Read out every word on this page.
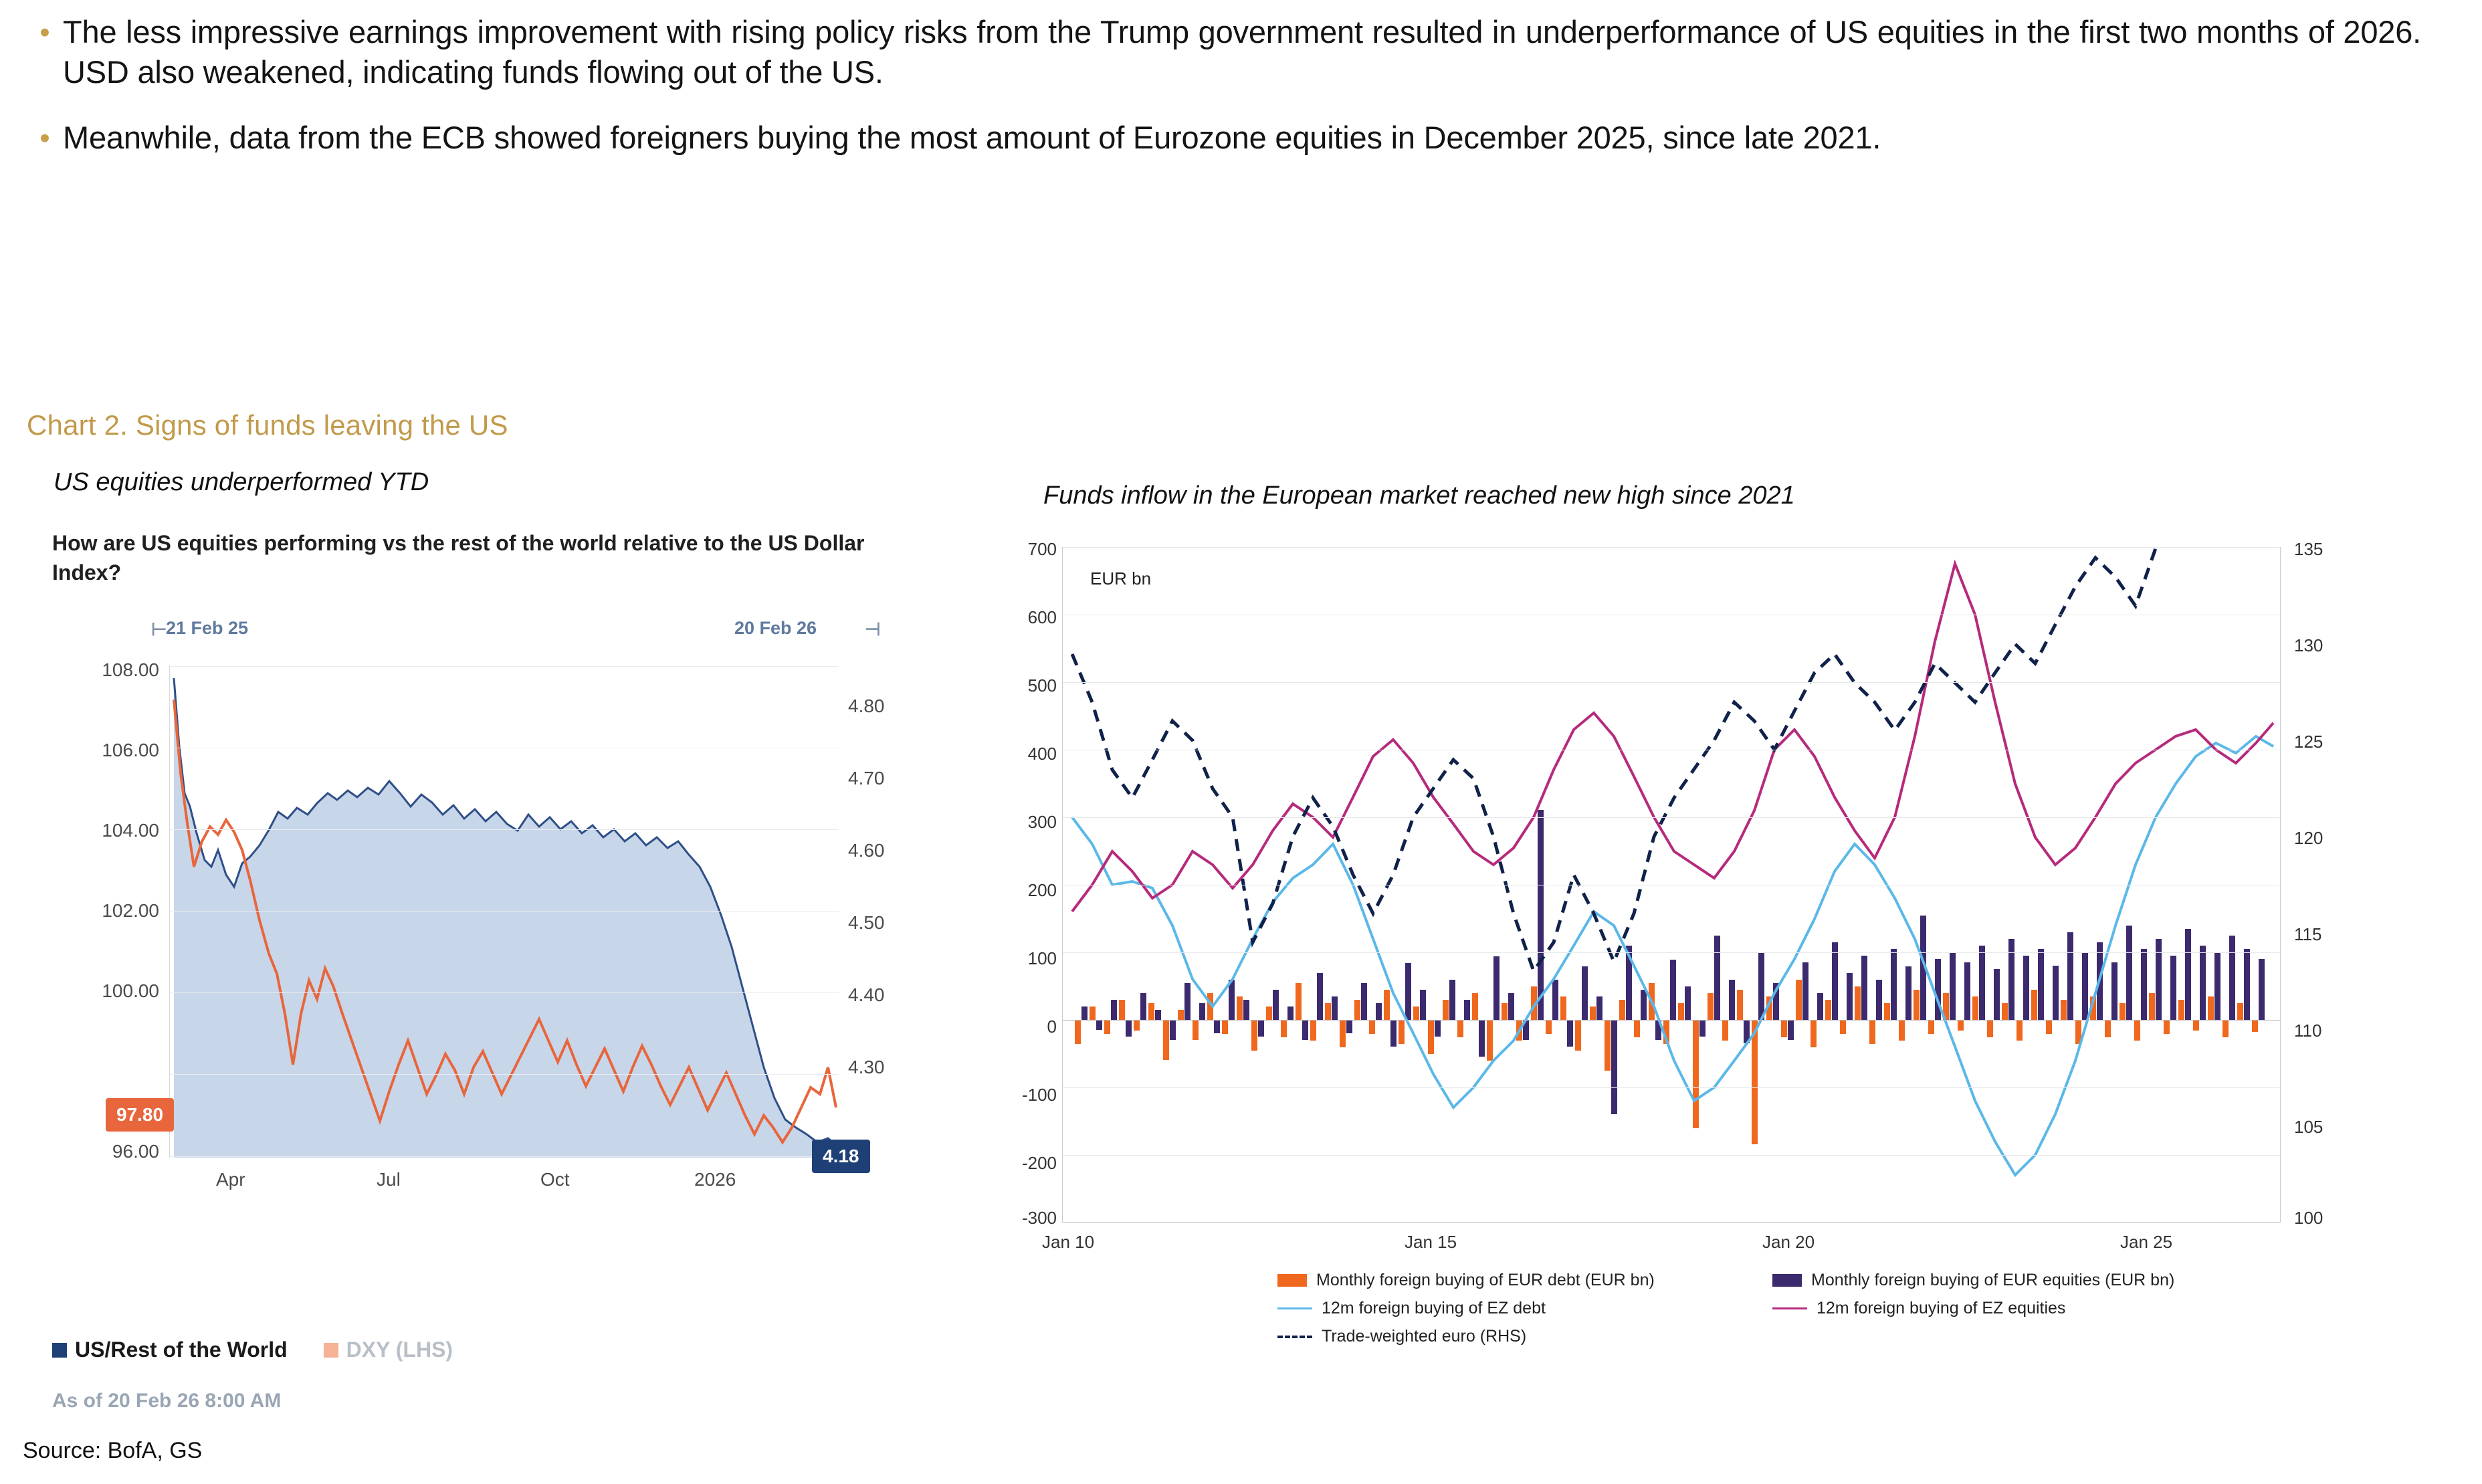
• The less impressive earnings improvement with rising policy risks from the Trump government resulted in underperformance of US equities in the first two months of 2026. USD also weakened, indicating funds flowing out of the US.
• Meanwhile, data from the ECB showed foreigners buying the most amount of Eurozone equities in December 2025, since late 2021.
Chart 2. Signs of funds leaving the US
US equities underperformed YTD	Funds inflow in the European market reached new high since 2021
Source: BofA, GS
How are US equities performing vs the rest of the world relative to the US Dollar Index?
⊢
21 Feb 25	20 Feb 26	⊣
108.00
106.00
104.00
102.00
100.00
96.00
4.80
4.70
4.60
4.50
4.40
4.30
Apr	Jul	Oct	2026
97.80
4.18
US/Rest of the World	DXY (LHS)
As of 20 Feb 26 8:00 AM
EUR bn
700
600
500
400
300
200
100
0
-100
-200
-300
135
130
125
120
115
110
105
100
Jan 10	Jan 15	Jan 20	Jan 25
Monthly foreign buying of EUR debt (EUR bn)	Monthly foreign buying of EUR equities (EUR bn)
12m foreign buying of EZ debt	12m foreign buying of EZ equities
Trade-weighted euro (RHS)
